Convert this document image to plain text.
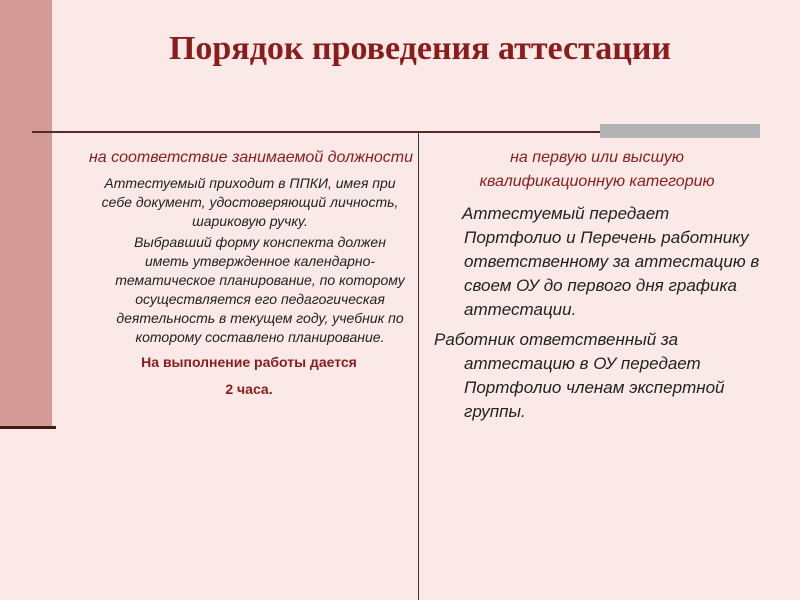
Порядок проведения аттестации

на соответствие занимаемой должности

Аттестуемый приходит в ППКИ, имея при себе документ, удостоверяющий личность, шариковую ручку.

Выбравший форму конспекта должен иметь утвержденное календарно-тематическое планирование, по которому осуществляется его педагогическая деятельность в текущем году, учебник по которому составлено планирование.

На выполнение работы дается

2 часа.

на первую или высшую квалификационную категорию

Аттестуемый передает Портфолио и Перечень работнику ответственному за аттестацию в своем ОУ до первого дня графика аттестации.

Работник ответственный за аттестацию в ОУ передает Портфолио членам экспертной группы.
